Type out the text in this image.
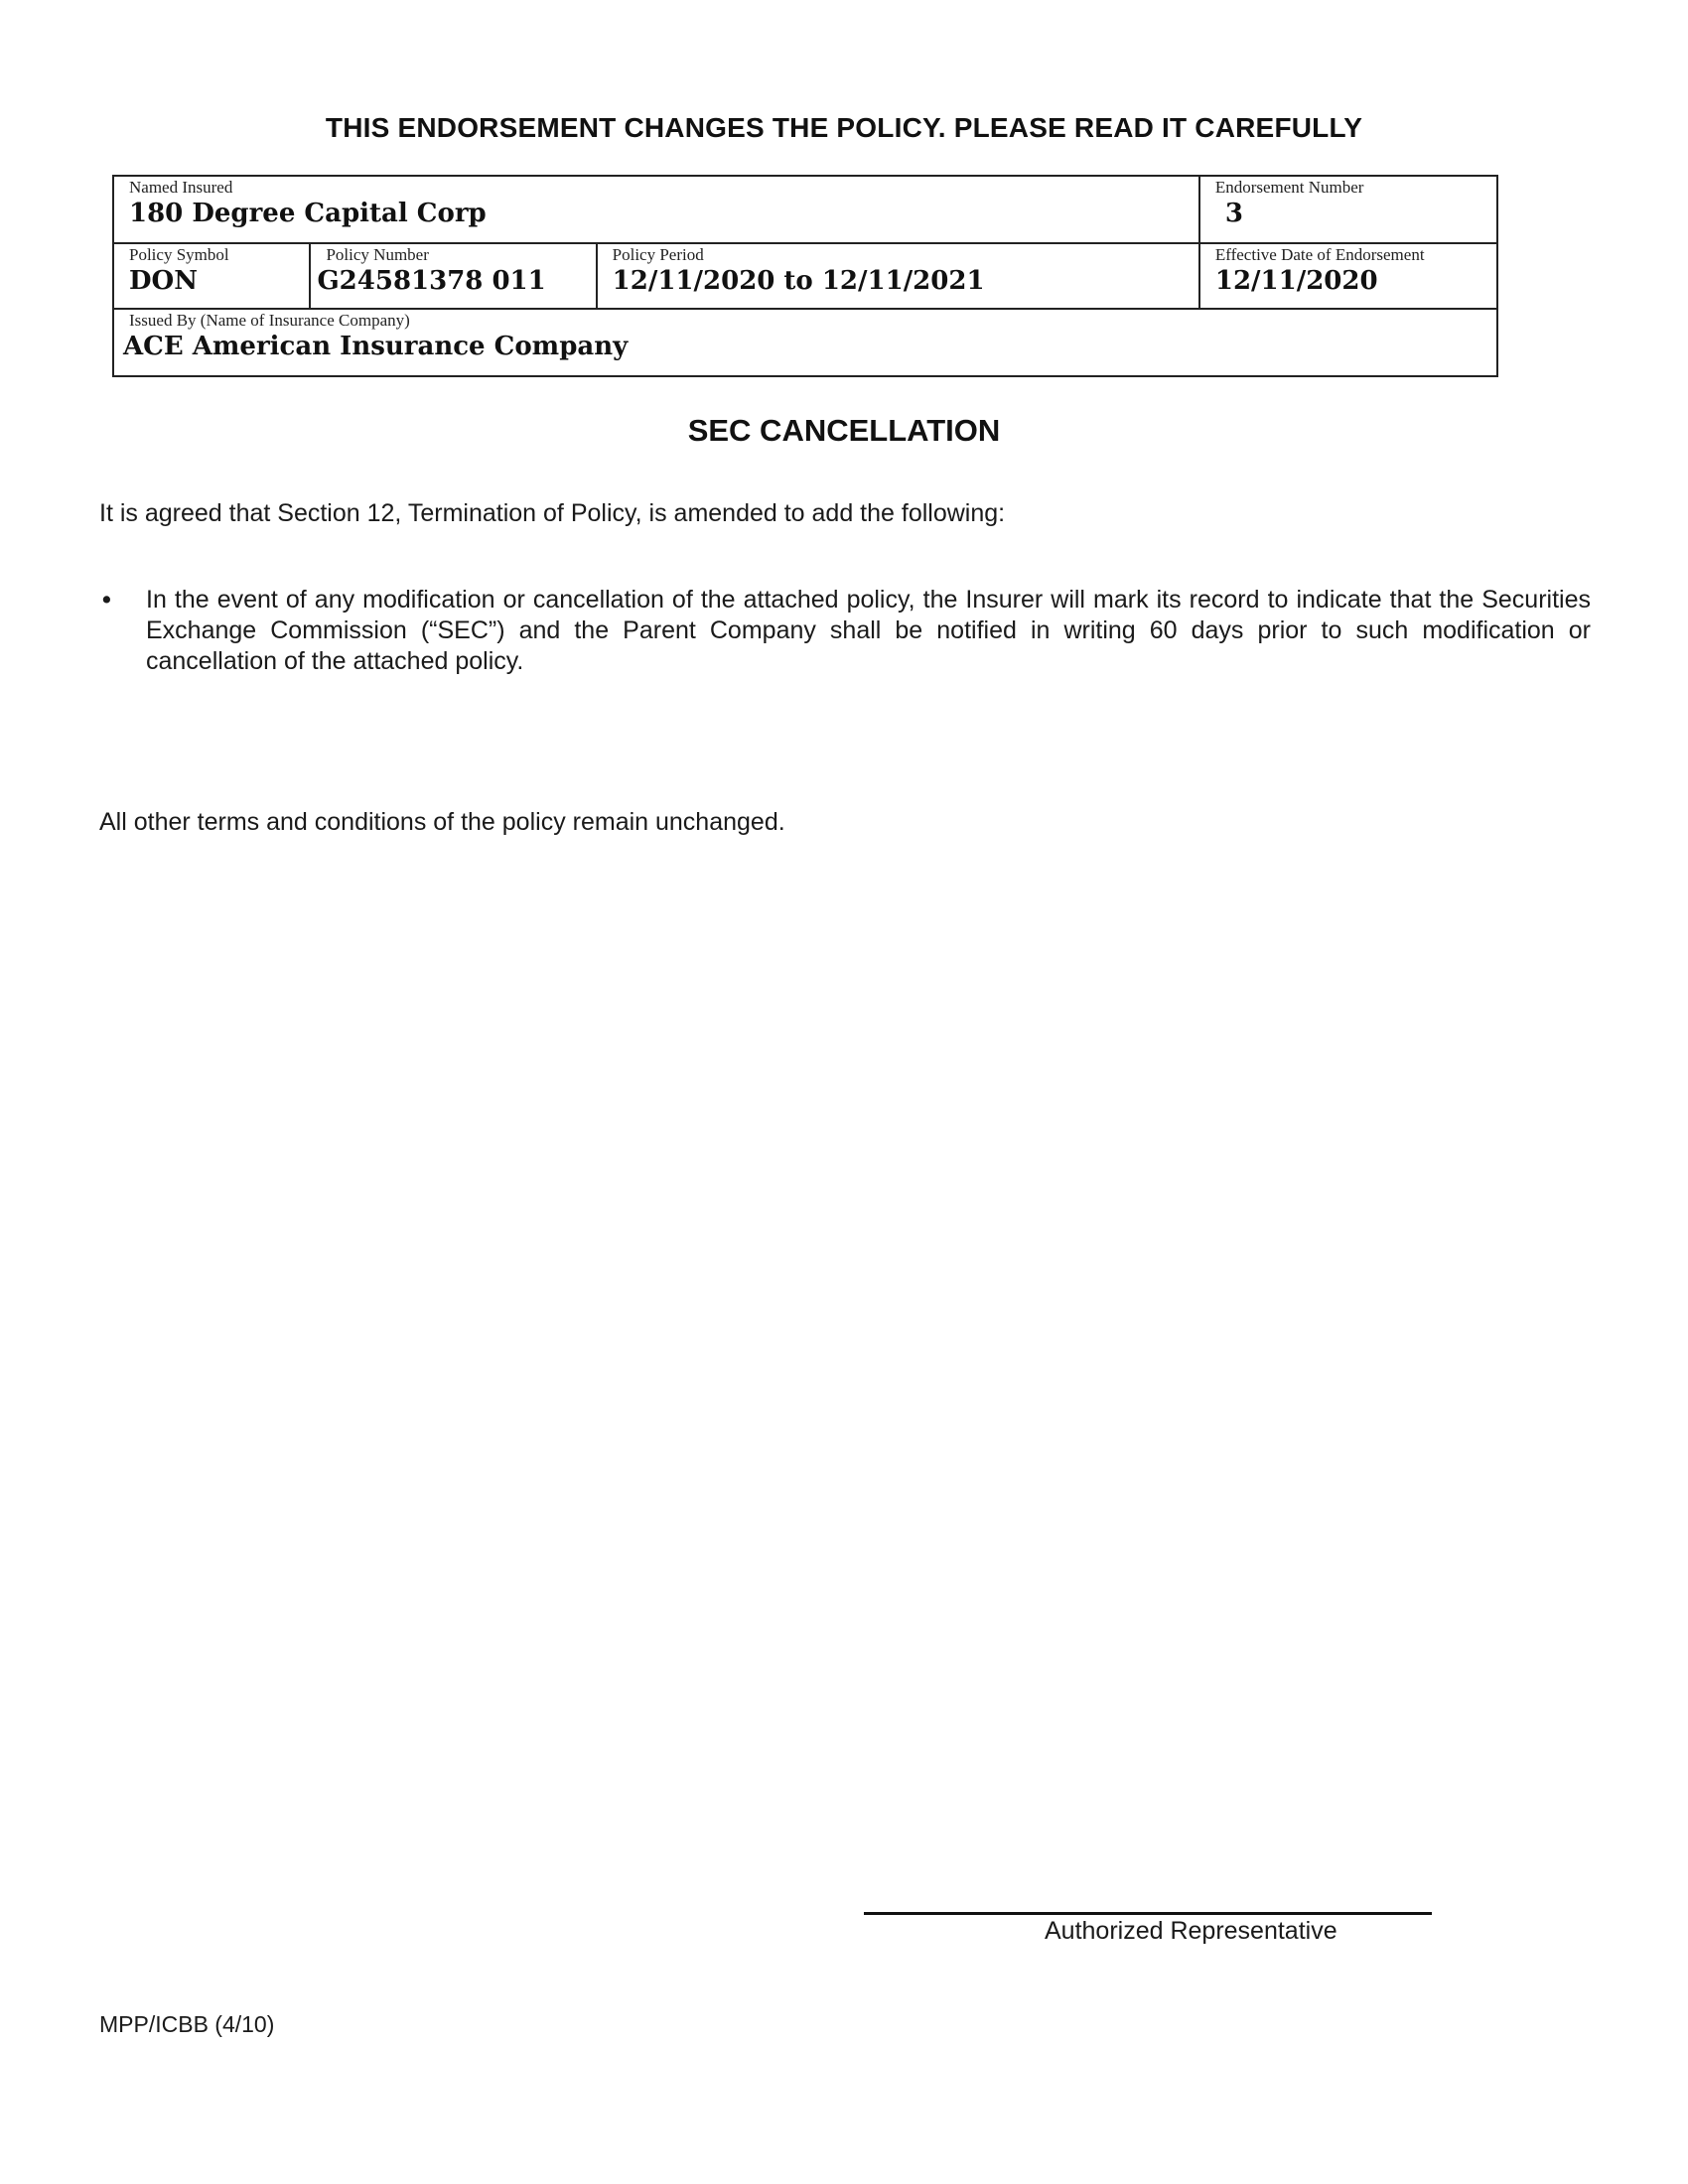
THIS ENDORSEMENT CHANGES THE POLICY. PLEASE READ IT CAREFULLY
Named Insured
180 Degree Capital Corp
Endorsement Number
3
Policy Symbol
DON
Policy Number
G24581378 011
Policy Period
12/11/2020 to 12/11/2021
Effective Date of Endorsement
12/11/2020
Issued By (Name of Insurance Company)
ACE American Insurance Company
SEC CANCELLATION
It is agreed that Section 12, Termination of Policy, is amended to add the following:
•	In the event of any modification or cancellation of the attached policy, the Insurer will mark its record to indicate that the Securities Exchange Commission (“SEC”) and the Parent Company shall be notified in writing 60 days prior to such modification or cancellation of the attached policy.
All other terms and conditions of the policy remain unchanged.
Authorized Representative
MPP/ICBB (4/10)
